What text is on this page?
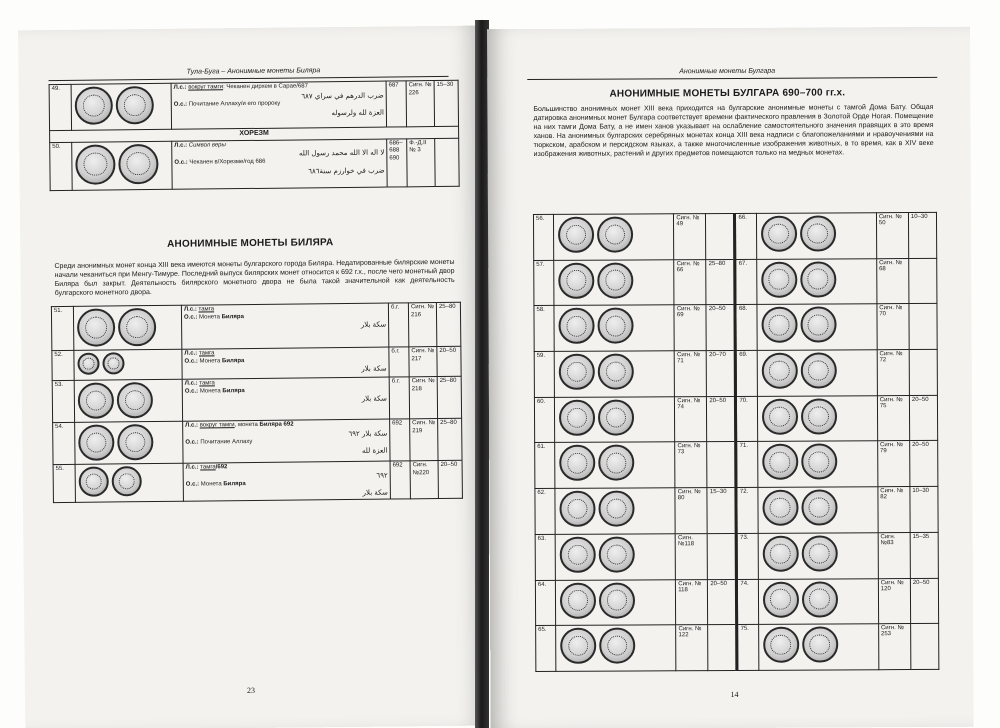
Тула-Буга – Анонимные монеты Биляра
49.		Л.с.: вокруг тамги: Чеканен дирхем в Сарае/687
ضرب الدرهم في سراي ٦٨٧
О.с.: Почитание Аллаху/и его пророку
العزة لله ولرسوله	687	Сигн. № 226	15–30
ХОРЕЗМ					
50.		Л.с.: Символ веры
لا اله الا الله محمد رسول الله
О.с.: Чеканен в/Хорезме/год 686
ضرب في خوارزم سنة٦٨٦	686–688 690	Ф.-Д.II № 3	
АНОНИМНЫЕ МОНЕТЫ БИЛЯРА
Среди анонимных монет конца XIII века имеются монеты булгарского города Биляра. Недатированные билярские монеты начали чеканиться при Менгу-Тимуре. Последний выпуск билярских монет относится к 692 г.х., после чего монетный двор Биляра был закрыт. Деятельность билярского монетного двора не была такой значительной как деятельность булгарского монетного двора.
51.		Л.с.: тамга
О.с.: Монета Биляра
سكة بلار	б.г.	Сигн. № 216	25–80
52.		Л.с.: тамга
О.с.: Монета Биляра
سكة بلار	б.г.	Сигн. № 217	20–50
53.		Л.с.: тамга
О.с.: Монета Биляра
سكة بلار	б.г.	Сигн. № 218	25–80
54.		Л.с.: вокруг тамги, монета Биляра 692
سكة بلار ٦٩٢
О.с.: Почитание Аллаху
العزة لله	692	Сигн. № 219	25–80
55.		Л.с.: тамга/692
٦٩٢
О.с.: Монета Биляра
سكة بلار	692	Сигн. №220	20–50
23
Анонимные монеты Булгара
АНОНИМНЫЕ МОНЕТЫ БУЛГАРА 690–700 гг.х.
Большинство анонимных монет XIII века приходится на булгарские анонимные монеты с тамгой Дома Бату. Общая датировка анонимных монет Булгара соответствует времени фактического правления в Золотой Орде Ногая. Помещение на них тамги Дома Бату, а не имен ханов указывает на ослабление самостоятельного значения правящих в это время ханов. На анонимных булгарских серебряных монетах конца XIII века надписи с благопожеланиями и нравоучениями на тюркском, арабском и персидском языках, а также многочисленные изображения животных, в то время, как в XIV веке изображения животных, растений и других предметов помещаются только на медных монетах.
56.		Сигн. № 49			66.		Сигн. № 50	10–30
57.		Сигн. № 66	25–80		67.		Сигн. № 68	
58.		Сигн. № 69	20–50		68.		Сигн. № 70	
59.		Сигн. № 71	20–70		69.		Сигн. № 72	
60.		Сигн. № 74	20–50		70.		Сигн. № 75	20–50
61.		Сигн. № 73			71.		Сигн. № 79	20–50
62.		Сигн. № 80	15–30		72.		Сигн. № 82	10–30
63.		Сигн. №118			73.		Сигн. №83	15–35
64.		Сигн. № 118	20–50		74.		Сигн. № 120	20–50
65.		Сигн. № 122			75.		Сигн. № 253	
14
